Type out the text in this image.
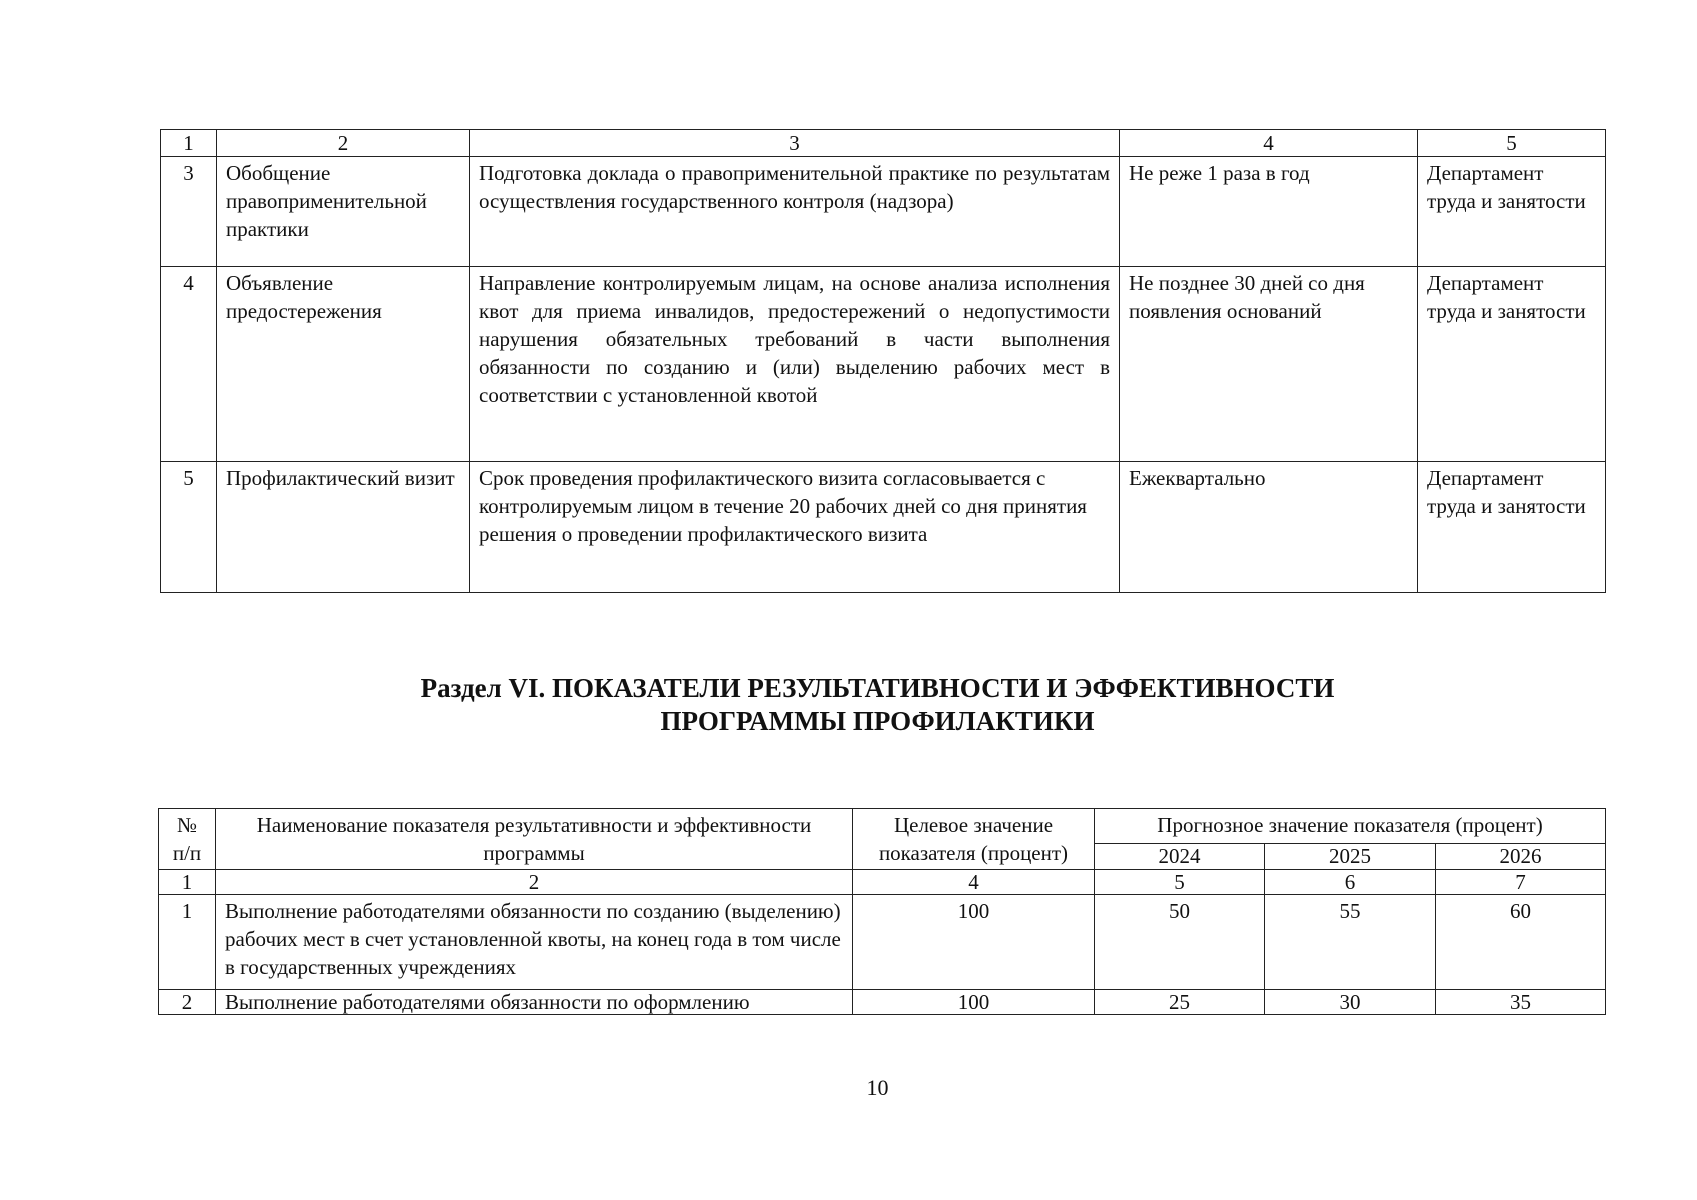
1	2	3	4	5
3	Обобщение правоприменительной практики	Подготовка доклада о правоприменительной практике по результатам осуществления государственного контроля (надзора)	Не реже 1 раза в год	Департамент труда и занятости
4	Объявление предостережения	Направление контролируемым лицам, на основе анализа исполнения квот для приема инвалидов, предостережений о недопустимости нарушения обязательных требований в части выполнения обязанности по созданию и (или) выделению рабочих мест в соответствии с установленной квотой	Не позднее 30 дней со дня появления оснований	Департамент труда и занятости
5	Профилактический визит	Срок проведения профилактического визита согласовывается с контролируемым лицом в течение 20 рабочих дней со дня принятия решения о проведении профилактического визита	Ежеквартально	Департамент труда и занятости
Раздел VI. ПОКАЗАТЕЛИ РЕЗУЛЬТАТИВНОСТИ И ЭФФЕКТИВНОСТИ
ПРОГРАММЫ ПРОФИЛАКТИКИ
№ п/п	Наименование показателя результативности и эффективности программы	Целевое значение показателя (процент)	Прогнозное значение показателя (процент)		
			2024	2025	2026
1	2	4	5	6	7
1	Выполнение работодателями обязанности по созданию (выделению) рабочих мест в счет установленной квоты, на конец года в том числе в государственных учреждениях	100	50	55	60
2	Выполнение работодателями обязанности по оформлению	100	25	30	35
10
